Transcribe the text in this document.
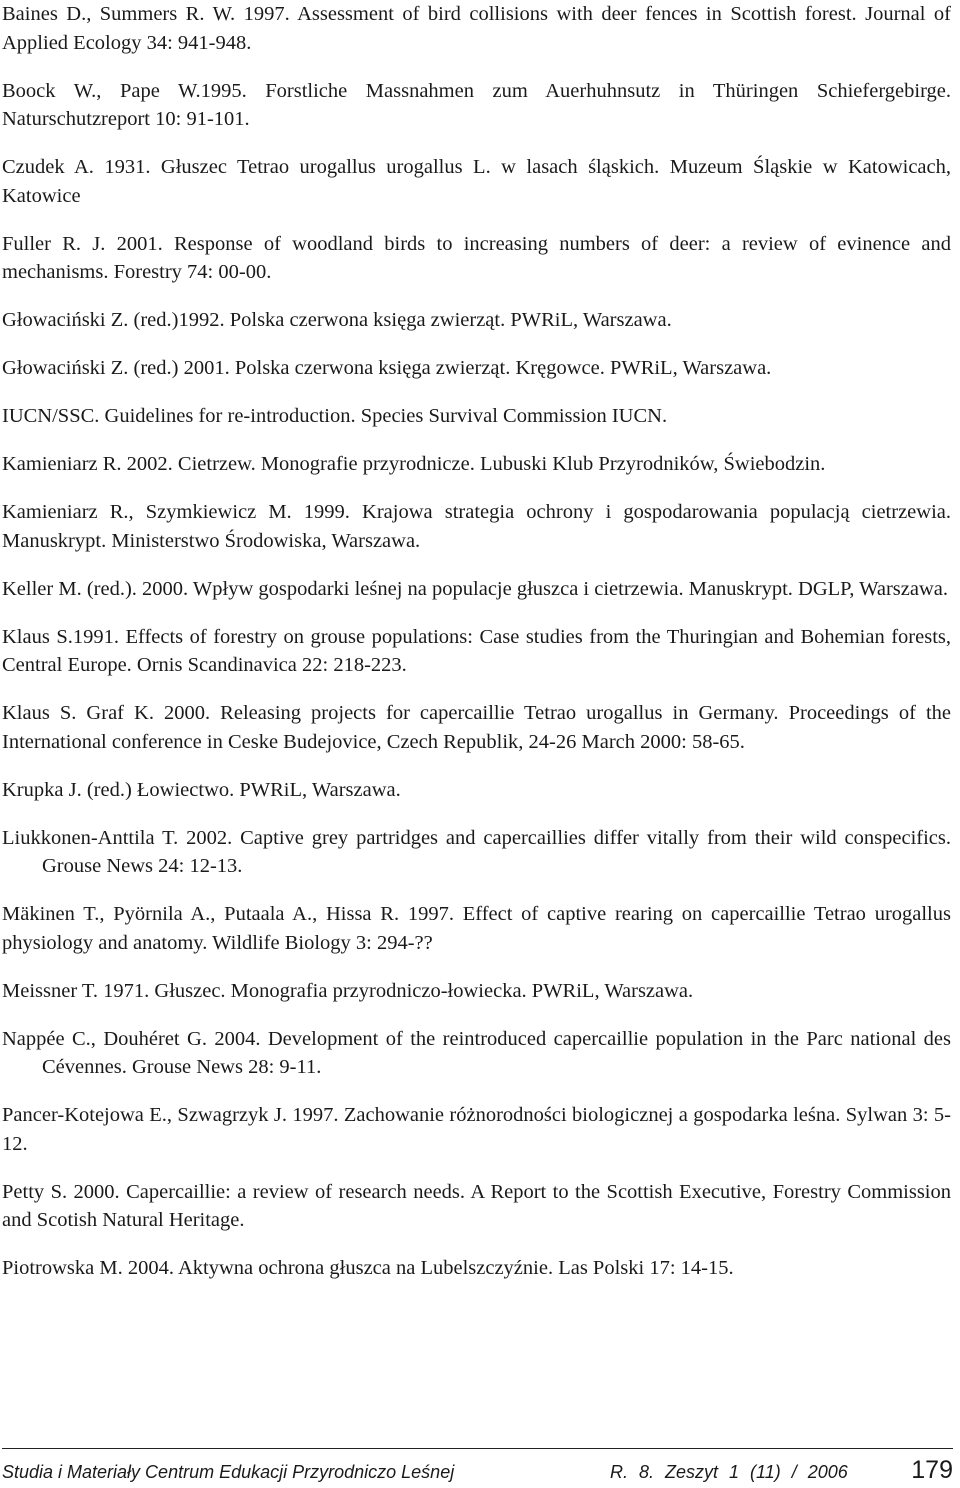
Baines D., Summers R. W. 1997. Assessment of bird collisions with deer fences in Scottish forest. Journal of Applied Ecology 34: 941-948.

Boock W., Pape W.1995. Forstliche Massnahmen zum Auerhuhnsutz in Thüringen Schiefergebirge. Naturschutzreport 10: 91-101.

Czudek A. 1931. Głuszec Tetrao urogallus urogallus L. w lasach śląskich. Muzeum Śląskie w Katowicach, Katowice

Fuller R. J. 2001. Response of woodland birds to increasing numbers of deer: a review of evinence and mechanisms. Forestry 74: 00-00.

Głowaciński Z. (red.)1992. Polska czerwona księga zwierząt. PWRiL, Warszawa.

Głowaciński Z. (red.) 2001. Polska czerwona księga zwierząt. Kręgowce. PWRiL, Warszawa.

IUCN/SSC. Guidelines for re-introduction. Species Survival Commission IUCN.

Kamieniarz R. 2002. Cietrzew. Monografie przyrodnicze. Lubuski Klub Przyrodników, Świebodzin.

Kamieniarz R., Szymkiewicz M. 1999. Krajowa strategia ochrony i gospodarowania populacją cietrzewia. Manuskrypt. Ministerstwo Środowiska, Warszawa.

Keller M. (red.). 2000. Wpływ gospodarki leśnej na populacje głuszca i cietrzewia. Manuskrypt. DGLP, Warszawa.

Klaus S.1991. Effects of forestry on grouse populations: Case studies from the Thuringian and Bohemian forests, Central Europe. Ornis Scandinavica 22: 218-223.

Klaus S. Graf K. 2000. Releasing projects for capercaillie Tetrao urogallus in Germany. Proceedings of the International conference in Ceske Budejovice, Czech Republik, 24-26 March 2000: 58-65.

Krupka J. (red.) Łowiectwo. PWRiL, Warszawa.

Liukkonen-Anttila T. 2002. Captive grey partridges and capercaillies differ vitally from their wild conspecifics. Grouse News 24: 12-13.

Mäkinen T., Pyörnila A., Putaala A., Hissa R. 1997. Effect of captive rearing on capercaillie Tetrao urogallus physiology and anatomy. Wildlife Biology 3: 294-??

Meissner T. 1971. Głuszec. Monografia przyrodniczo-łowiecka. PWRiL, Warszawa.

Nappée C., Douhéret G. 2004. Development of the reintroduced capercaillie population in the Parc national des Cévennes. Grouse News 28: 9-11.

Pancer-Kotejowa E., Szwagrzyk J. 1997. Zachowanie różnorodności biologicznej a gospodarka leśna. Sylwan 3: 5-12.

Petty S. 2000. Capercaillie: a review of research needs. A Report to the Scottish Executive, Forestry Commission and Scotish Natural Heritage.

Piotrowska M. 2004. Aktywna ochrona głuszca na Lubelszczyźnie. Las Polski 17: 14-15.

Studia i Materiały Centrum Edukacji Przyrodniczo Leśnej	R. 8. Zeszyt 1 (11) / 2006	179
